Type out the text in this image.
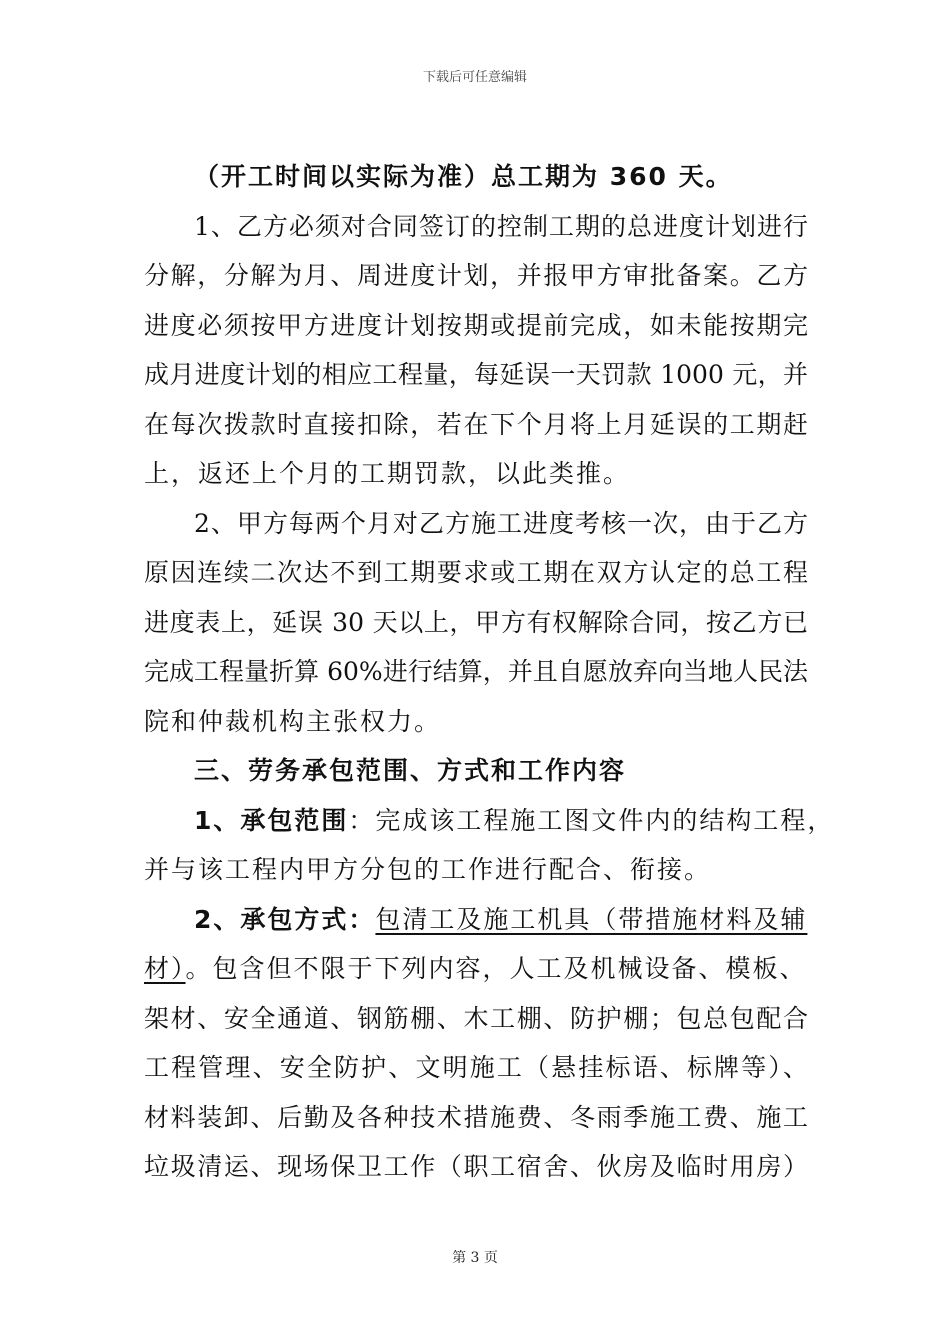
下载后可任意编辑
（开工时间以实际为准）总工期为 360 天。
1、乙方必须对合同签订的控制工期的总进度计划进行
分解，分解为月、周进度计划，并报甲方审批备案。乙方
进度必须按甲方进度计划按期或提前完成，如未能按期完
成月进度计划的相应工程量，每延误一天罚款 1000 元，并
在每次拨款时直接扣除，若在下个月将上月延误的工期赶
上，返还上个月的工期罚款，以此类推。
2、甲方每两个月对乙方施工进度考核一次，由于乙方
原因连续二次达不到工期要求或工期在双方认定的总工程
进度表上，延误 30 天以上，甲方有权解除合同，按乙方已
完成工程量折算 60%进行结算，并且自愿放弃向当地人民法
院和仲裁机构主张权力。
三、劳务承包范围、方式和工作内容
1、承包范围：完成该工程施工图文件内的结构工程，
并与该工程内甲方分包的工作进行配合、衔接。
2、承包方式：包清工及施工机具（带措施材料及辅
材）。包含但不限于下列内容，人工及机械设备、模板、
架材、安全通道、钢筋棚、木工棚、防护棚；包总包配合
工程管理、安全防护、文明施工（悬挂标语、标牌等）、
材料装卸、后勤及各种技术措施费、冬雨季施工费、施工
垃圾清运、现场保卫工作（职工宿舍、伙房及临时用房）
第 3 页
